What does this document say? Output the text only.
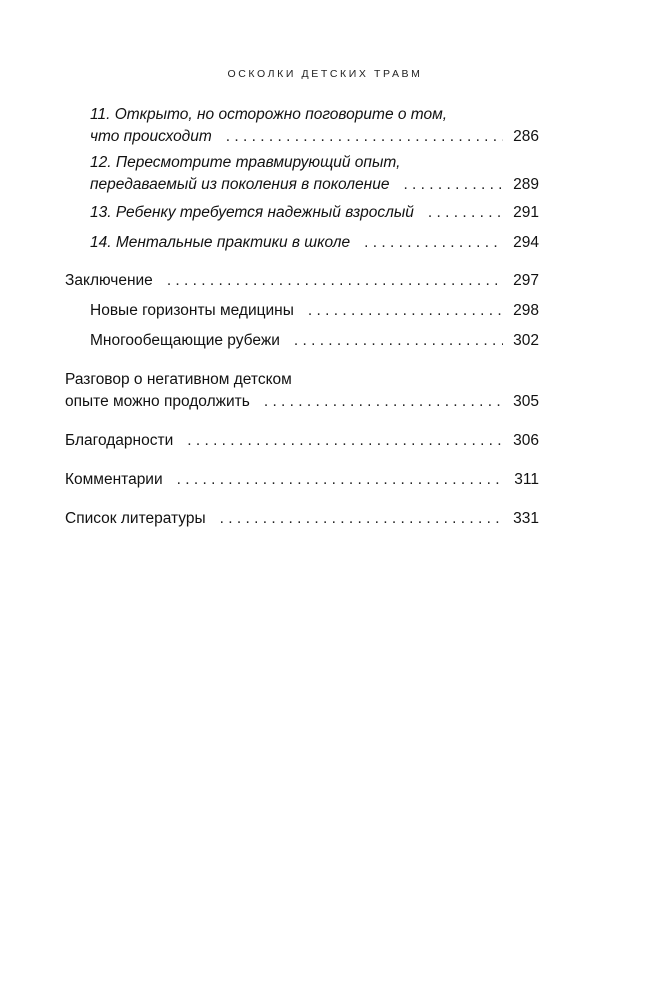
ОСКОЛКИ ДЕТСКИХ ТРАВМ
11. Открыто, но осторожно поговорите о том,
что происходит . . .	286
12. Пересмотрите травмирующий опыт,
передаваемый из поколения в поколение . . .	289
13. Ребенку требуется надежный взрослый . . .	291
14. Ментальные практики в школе . . .	294
Заключение . . .	297
Новые горизонты медицины . . .	298
Многообещающие рубежи . . .	302
Разговор о негативном детском
опыте можно продолжить . . .	305
Благодарности . . .	306
Комментарии . . .	311
Список литературы . . .	331
